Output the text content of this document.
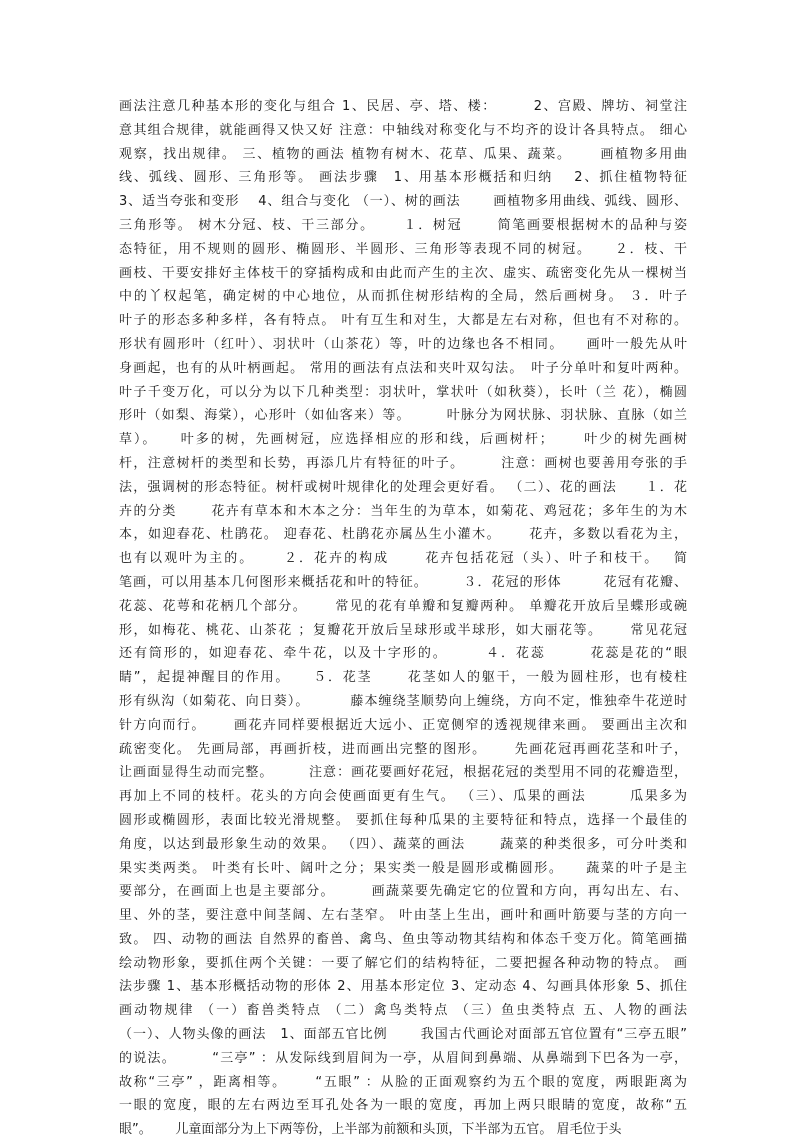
画法注意几种基本形的变化与组合 1、民居、亭、塔、楼：　　　2、宫殿、牌坊、祠堂注
意其组合规律，就能画得又快又好 注意：中轴线对称变化与不均齐的设计各具特点。 细心
观察，找出规律。 三、植物的画法 植物有树木、花草、瓜果、蔬菜。　　 画植物多用曲
线、弧线、圆形、三角形等。 画法步骤　1、用基本形概括和归纳　 2、抓住植物特征
3、适当夸张和变形　 4、组合与变化 （一）、树的画法　　 画植物多用曲线、弧线、圆形、
三角形等。 树木分冠、枝、干三部分。　　 １．树冠　　 简笔画要根据树木的品种与姿
态特征，用不规则的圆形、椭圆形、半圆形、三角形等表现不同的树冠。　　２．枝、干
画枝、干要安排好主体枝干的穿插构成和由此而产生的主次、虚实、疏密变化先从一棵树当
中的丫权起笔，确定树的中心地位，从而抓住树形结构的全局，然后画树身。 ３．叶子
叶子的形态多种多样，各有特点。 叶有互生和对生，大都是左右对称，但也有不对称的。
形状有圆形叶（红叶）、羽状叶（山茶花）等，叶的边缘也各不相同。　　画叶一般先从叶
身画起，也有的从叶柄画起。 常用的画法有点法和夹叶双勾法。　叶子分单叶和复叶两种。
叶子千变万化，可以分为以下几种类型：羽状叶，掌状叶（如秋葵），长叶（兰 花），椭圆
形叶（如梨、海棠），心形叶（如仙客来）等。　　　叶脉分为网状脉、羽状脉、直脉（如兰
草）。　　叶多的树，先画树冠，应选择相应的形和线，后画树杆；　　 叶少的树先画树
杆，注意树杆的类型和长势，再添几片有特征的叶子。　　　注意：画树也要善用夸张的手
法，强调树的形态特征。树杆或树叶规律化的处理会更好看。 （二）、花的画法　　１．花
卉的分类　　 花卉有草本和木本之分：当年生的为草本，如菊花、鸡冠花；多年生的为木
本，如迎春花、杜鹃花。 迎春花、杜鹃花亦属丛生小灌木。　　 花卉，多数以看花为主，
也有以观叶为主的。　　 ２．花卉的构成　　 花卉包括花冠（头）、叶子和枝干。　 简
笔画，可以用基本几何图形来概括花和叶的特征。　　　３．花冠的形体　　　花冠有花瓣、
花蕊、花萼和花柄几个部分。　　 常见的花有单瓣和复瓣两种。 单瓣花开放后呈蝶形或碗
形，如梅花、桃花、山茶花 ；复瓣花开放后呈球形或半球形，如大丽花等。　　 常见花冠
还有筒形的，如迎春花、牵牛花，以及十字形的。　　　４．花蕊　　　花蕊是花的“眼
睛”，起提神醒目的作用。　　５．花茎　　 花茎如人的躯干，一般为圆柱形，也有棱柱
形有纵沟（如菊花、向日葵）。　　　 藤本缠绕茎顺势向上缠绕，方向不定，惟独牵牛花逆时
针方向而行。　　 画花卉同样要根据近大远小、正宽侧窄的透视规律来画。 要画出主次和
疏密变化。 先画局部，再画折枝，进而画出完整的图形。　　 先画花冠再画花茎和叶子，
让画面显得生动而完整。　　　注意：画花要画好花冠，根据花冠的类型用不同的花瓣造型，
再加上不同的枝杆。花头的方向会使画面更有生气。 （三）、瓜果的画法　　　瓜果多为
圆形或椭圆形，表面比较光滑规整。 要抓住每种瓜果的主要特征和特点，选择一个最佳的
角度，以达到最形象生动的效果。 （四）、蔬菜的画法　　 蔬菜的种类很多，可分叶类和
果实类两类。 叶类有长叶、阔叶之分；果实类一般是圆形或椭圆形。　　蔬菜的叶子是主
要部分，在画面上也是主要部分。　　　画蔬菜要先确定它的位置和方向，再勾出左、右、
里、外的茎，要注意中间茎阔、左右茎窄。 叶由茎上生出，画叶和画叶筋要与茎的方向一
致。 四、动物的画法 自然界的畜兽、禽鸟、鱼虫等动物其结构和体态千变万化。简笔画描
绘动物形象，要抓住两个关键：一要了解它们的结构特征，二要把握各种动物的特点。 画
法步骤 1、基本形概括动物的形体 2、用基本形定位 3、定动态 4、勾画具体形象 5、抓住
画动物规律 （一）畜兽类特点 （二）禽鸟类特点 （三）鱼虫类特点 五、人物的画法
（一）、人物头像的画法　1、面部五官比例　　 我国古代画论对面部五官位置有“三亭五眼”
的说法。　　　“三亭” ：从发际线到眉间为一亭，从眉间到鼻端、从鼻端到下巴各为一亭，
故称“三亭” ，距离相等。　　 “五眼” ：从脸的正面观察约为五个眼的宽度，两眼距离为
一眼的宽度，眼的左右两边至耳孔处各为一眼的宽度，再加上两只眼睛的宽度，故称“五
眼”。　　 儿童面部分为上下两等份，上半部为前额和头顶，下半部为五官。 眉毛位于头
